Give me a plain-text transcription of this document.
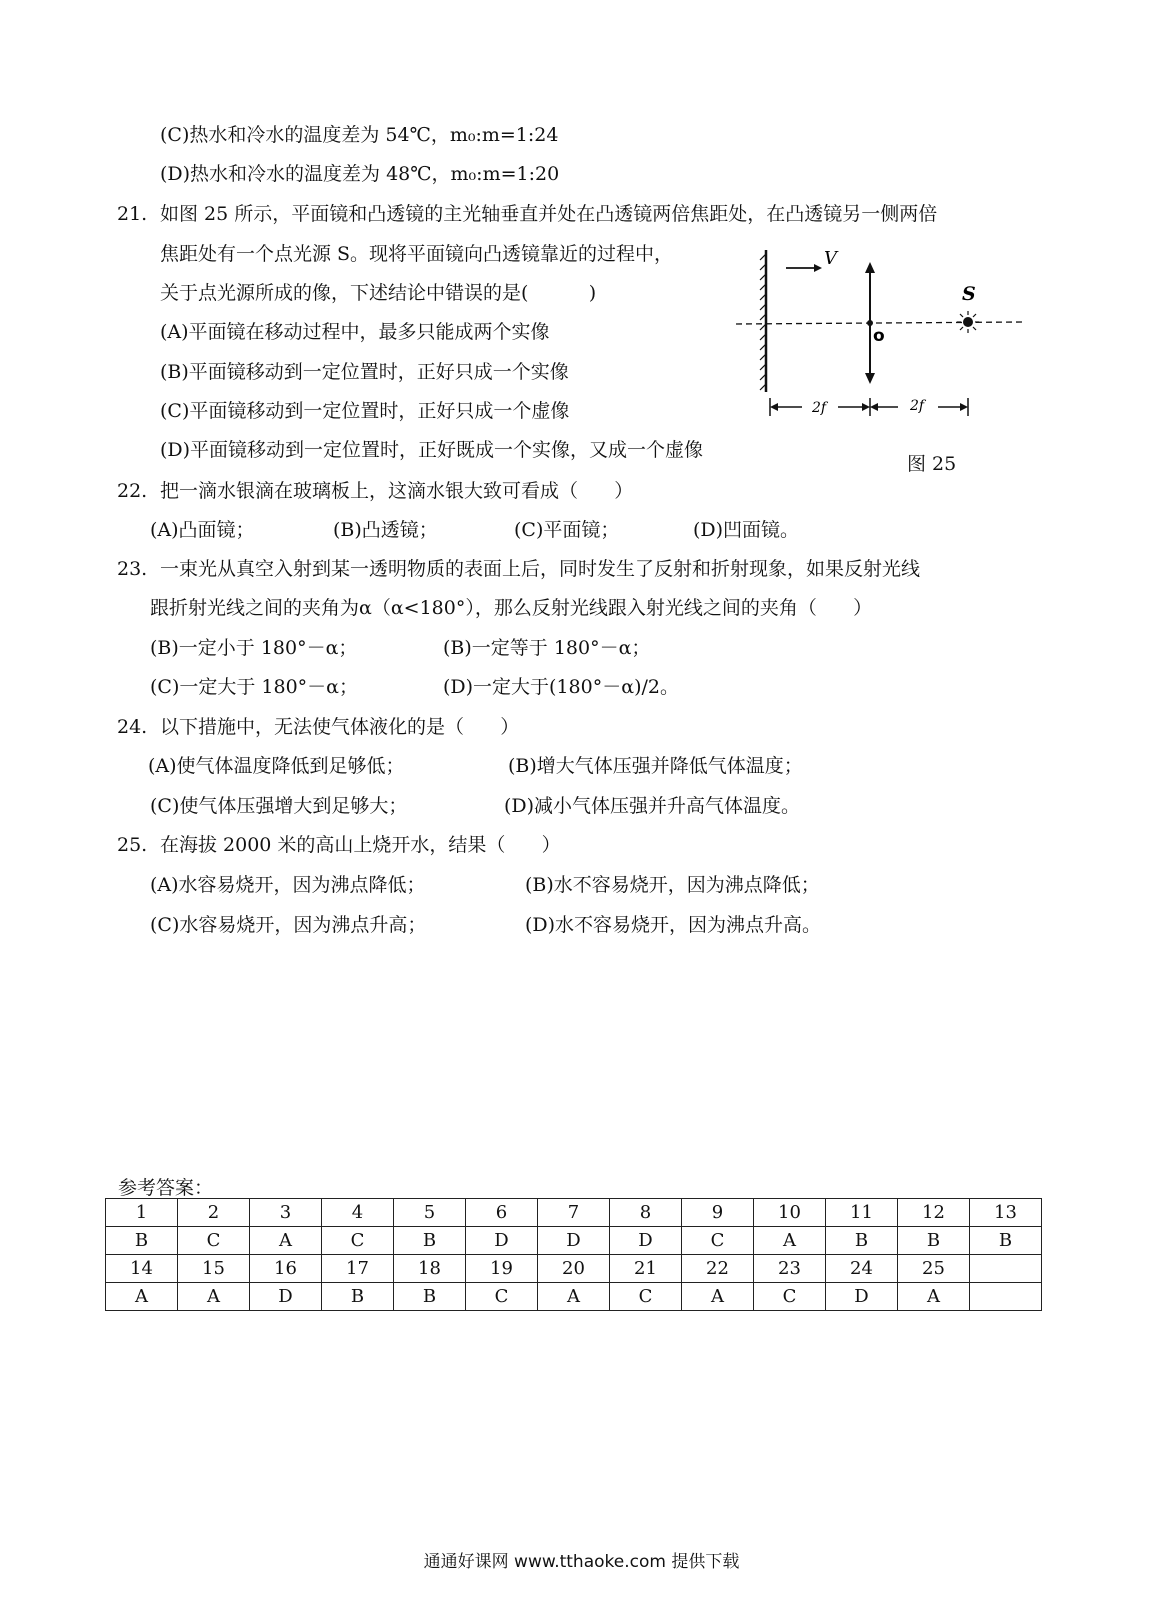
(C)热水和冷水的温度差为 54℃，m₀:m=1:24
(D)热水和冷水的温度差为 48℃，m₀:m=1:20
21. 如图 25 所示，平面镜和凸透镜的主光轴垂直并处在凸透镜两倍焦距处，在凸透镜另一侧两倍
焦距处有一个点光源 S。现将平面镜向凸透镜靠近的过程中，
关于点光源所成的像，下述结论中错误的是(          )
(A)平面镜在移动过程中，最多只能成两个实像
(B)平面镜移动到一定位置时，正好只成一个实像
(C)平面镜移动到一定位置时，正好只成一个虚像
(D)平面镜移动到一定位置时，正好既成一个实像，又成一个虚像
V
o
S
2f	2f
图 25
22. 把一滴水银滴在玻璃板上，这滴水银大致可看成（      ）
(A)凸面镜；	(B)凸透镜；	(C)平面镜；	(D)凹面镜。
23. 一束光从真空入射到某一透明物质的表面上后，同时发生了反射和折射现象，如果反射光线
跟折射光线之间的夹角为α（α<180°），那么反射光线跟入射光线之间的夹角（      ）
(B)一定小于 180°－α；	(B)一定等于 180°－α；
(C)一定大于 180°－α；	(D)一定大于(180°－α)/2。
24. 以下措施中，无法使气体液化的是（      ）
(A)使气体温度降低到足够低；	(B)增大气体压强并降低气体温度；
(C)使气体压强增大到足够大；	(D)减小气体压强并升高气体温度。
25. 在海拔 2000 米的高山上烧开水，结果（      ）
(A)水容易烧开，因为沸点降低；	(B)水不容易烧开，因为沸点降低；
(C)水容易烧开，因为沸点升高；	(D)水不容易烧开，因为沸点升高。
参考答案：
1	2	3	4	5	6	7	8	9	10	11	12	13
B	C	A	C	B	D	D	D	C	A	B	B	B
14	15	16	17	18	19	20	21	22	23	24	25	
A	A	D	B	B	C	A	C	A	C	D	A	
通通好课网 www.tthaoke.com 提供下载
